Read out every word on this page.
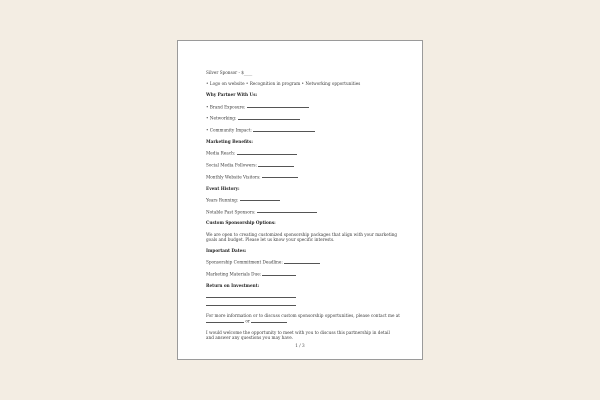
Silver Sponsor - $____
• Logo on website • Recognition in program • Networking opportunities
Why Partner With Us:
• Brand Exposure:
• Networking:
• Community Impact:
Marketing Benefits:
Media Reach:
Social Media Followers:
Monthly Website Visitors:
Event History:
Years Running:
Notable Past Sponsors:
Custom Sponsorship Options:
We are open to creating customized sponsorship packages that align with your marketing goals and budget. Please let us know your specific interests.
Important Dates:
Sponsorship Commitment Deadline:
Marketing Materials Due:
Return on Investment:
For more information or to discuss custom sponsorship opportunities, please contact me at  or
I would welcome the opportunity to meet with you to discuss this partnership in detail and answer any questions you may have.
1 / 3
